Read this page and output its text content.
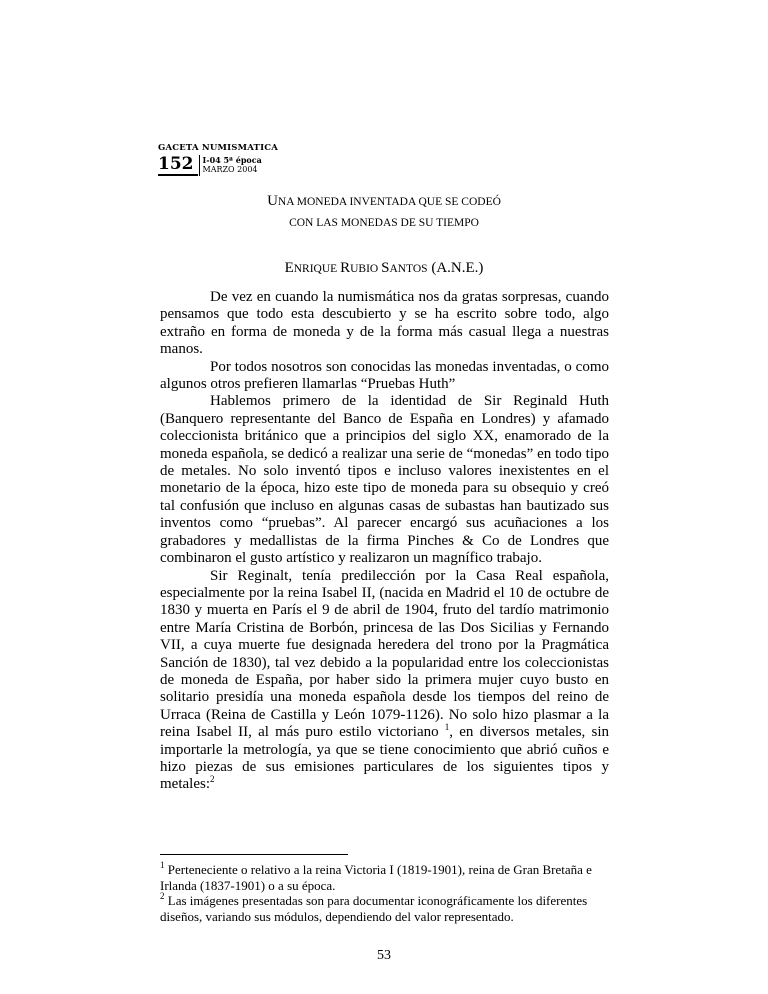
GACETA NUMISMATICA
152	I-04 5ª época
MARZO 2004
UNA MONEDA INVENTADA QUE SE CODEÓ
CON LAS MONEDAS DE SU TIEMPO
ENRIQUE RUBIO SANTOS (A.N.E.)

De vez en cuando la numismática nos da gratas sorpresas, cuando pensamos que todo esta descubierto y se ha escrito sobre todo, algo extraño en forma de moneda y de la forma más casual llega a nuestras manos.

Por todos nosotros son conocidas las monedas inventadas, o como algunos otros prefieren llamarlas “Pruebas Huth”

Hablemos primero de la identidad de Sir Reginald Huth (Banquero representante del Banco de España en Londres) y afamado coleccionista británico que a principios del siglo XX, enamorado de la moneda española, se dedicó a realizar una serie de “monedas” en todo tipo de metales. No solo inventó tipos e incluso valores inexistentes en el monetario de la época, hizo este tipo de moneda para su obsequio y creó tal confusión que incluso en algunas casas de subastas han bautizado sus inventos como “pruebas”. Al parecer encargó sus acuñaciones a los grabadores y medallistas de la firma Pinches & Co de Londres que combinaron el gusto artístico y realizaron un magnífico trabajo.

Sir Reginalt, tenía predilección por la Casa Real española, especialmente por la reina Isabel II, (nacida en Madrid el 10 de octubre de 1830 y muerta en París el 9 de abril de 1904, fruto del tardío matrimonio entre María Cristina de Borbón, princesa de las Dos Sicilias y Fernando VII, a cuya muerte fue designada heredera del trono por la Pragmática Sanción de 1830), tal vez debido a la popularidad entre los coleccionistas de moneda de España, por haber sido la primera mujer cuyo busto en solitario presidía una moneda española desde los tiempos del reino de Urraca (Reina de Castilla y León 1079-1126). No solo hizo plasmar a la reina Isabel II, al más puro estilo victoriano $^1$, en diversos metales, sin importarle la metrología, ya que se tiene conocimiento que abrió cuños e hizo piezas de sus emisiones particulares de los siguientes tipos y metales:$^2$

$^1$ Perteneciente o relativo a la reina Victoria I (1819-1901), reina de Gran Bretaña e Irlanda (1837-1901) o a su época.

$^2$ Las imágenes presentadas son para documentar iconográficamente los diferentes diseños, variando sus módulos, dependiendo del valor representado.

53
